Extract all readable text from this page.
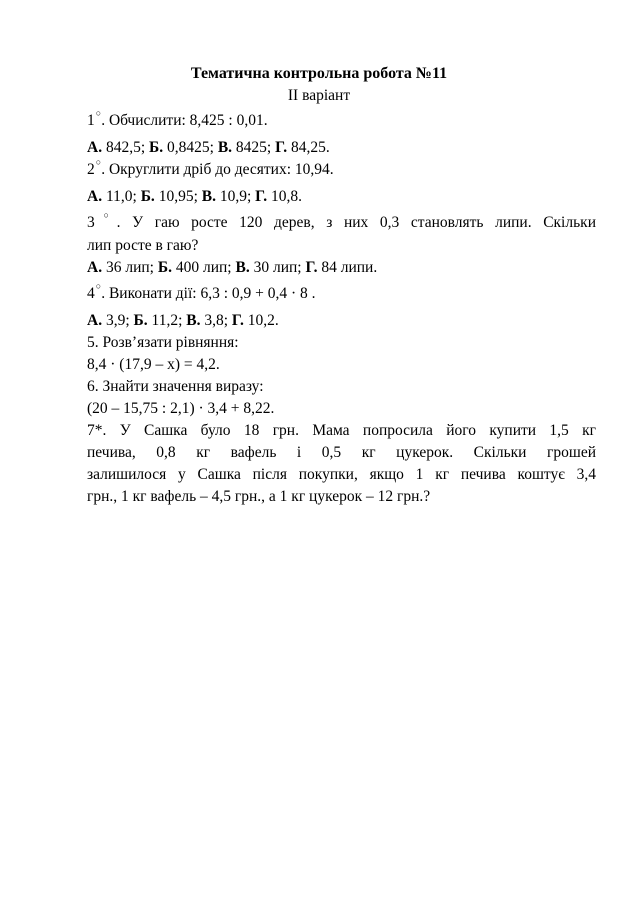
Тематична контрольна робота №11
II варіант
1○. Обчислити: 8,425 : 0,01.
А. 842,5; Б. 0,8425; В. 8425; Г. 84,25.
2○. Округлити дріб до десятих: 10,94.
А. 11,0; Б. 10,95; В. 10,9; Г. 10,8.
3○. У гаю росте 120 дерев, з них 0,3 становлять липи. Скільки
лип росте в гаю?
А. 36 лип; Б. 400 лип; В. 30 лип; Г. 84 липи.
4○. Виконати дії: 6,3 : 0,9 + 0,4 · 8 .
А. 3,9; Б. 11,2; В. 3,8; Г. 10,2.
5. Розв’язати рівняння:
8,4 · (17,9 – х) = 4,2.
6. Знайти значення виразу:
(20 – 15,75 : 2,1) · 3,4 + 8,22.
7*. У Сашка було 18 грн. Мама попросила його купити 1,5 кг
печива, 0,8 кг вафель і 0,5 кг цукерок. Скільки грошей
залишилося у Сашка після покупки, якщо 1 кг печива коштує 3,4
грн., 1 кг вафель – 4,5 грн., а 1 кг цукерок – 12 грн.?
